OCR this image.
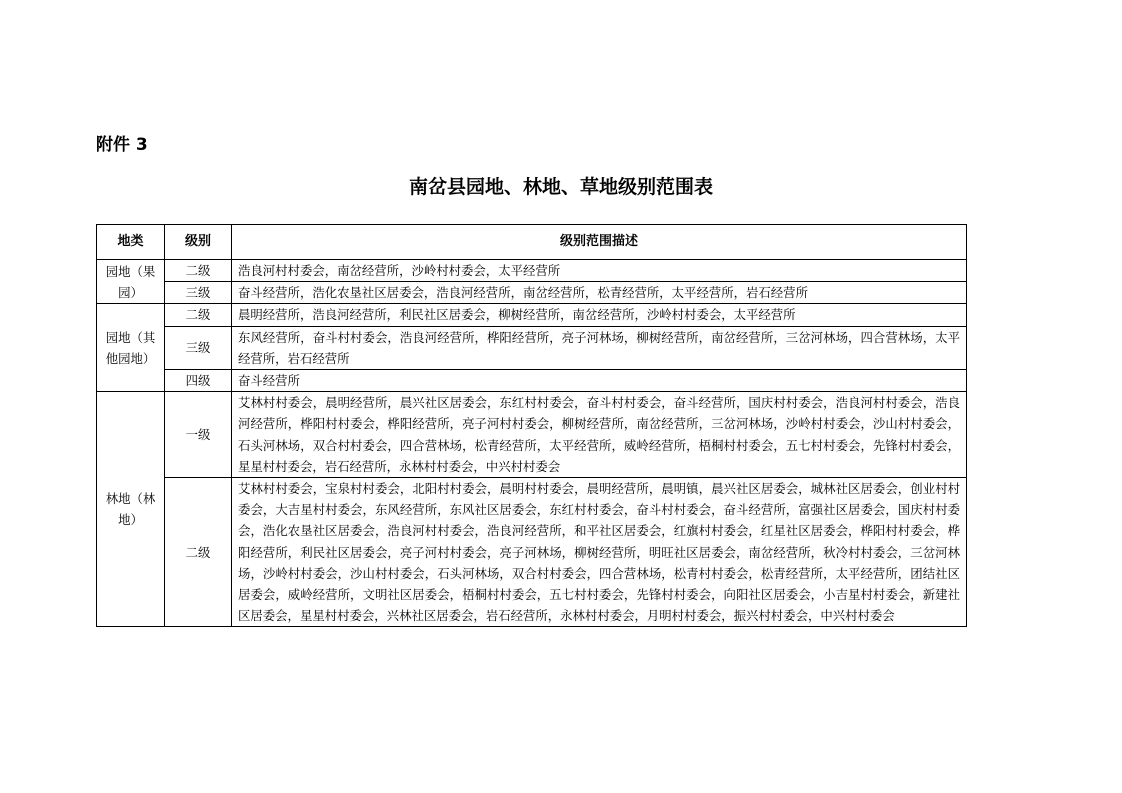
附件 3
南岔县园地、林地、草地级别范围表
地类	级别	级别范围描述
园地（果园）	二级	浩良河村村委会，南岔经营所，沙岭村村委会，太平经营所
	三级	奋斗经营所，浩化农垦社区居委会，浩良河经营所，南岔经营所，松青经营所，太平经营所，岩石经营所
园地（其他园地）	二级	晨明经营所，浩良河经营所，利民社区居委会，柳树经营所，南岔经营所，沙岭村村委会，太平经营所
	三级	东风经营所，奋斗村村委会，浩良河经营所，桦阳经营所，亮子河林场，柳树经营所，南岔经营所，三岔河林场，四合营林场，太平经营所，岩石经营所
	四级	奋斗经营所
林地（林地）	一级	艾林村村委会，晨明经营所，晨兴社区居委会，东红村村委会，奋斗村村委会，奋斗经营所，国庆村村委会，浩良河村村委会，浩良河经营所，桦阳村村委会，桦阳经营所，亮子河村村委会，柳树经营所，南岔经营所，三岔河林场，沙岭村村委会，沙山村村委会，石头河林场，双合村村委会，四合营林场，松青经营所，太平经营所，威岭经营所，梧桐村村委会，五七村村委会，先锋村村委会，星星村村委会，岩石经营所，永林村村委会，中兴村村委会
	二级	艾林村村委会，宝泉村村委会，北阳村村委会，晨明村村委会，晨明经营所，晨明镇，晨兴社区居委会，城林社区居委会，创业村村委会，大吉星村村委会，东风经营所，东风社区居委会，东红村村委会，奋斗村村委会，奋斗经营所，富强社区居委会，国庆村村委会，浩化农垦社区居委会，浩良河村村委会，浩良河经营所，和平社区居委会，红旗村村委会，红星社区居委会，桦阳村村委会，桦阳经营所，利民社区居委会，亮子河村村委会，亮子河林场，柳树经营所，明旺社区居委会，南岔经营所，秋冷村村委会，三岔河林场，沙岭村村委会，沙山村村委会，石头河林场，双合村村委会，四合营林场，松青村村委会，松青经营所，太平经营所，团结社区居委会，威岭经营所，文明社区居委会，梧桐村村委会，五七村村委会，先锋村村委会，向阳社区居委会，小吉星村村委会，新建社区居委会，星星村村委会，兴林社区居委会，岩石经营所，永林村村委会，月明村村委会，振兴村村委会，中兴村村委会
